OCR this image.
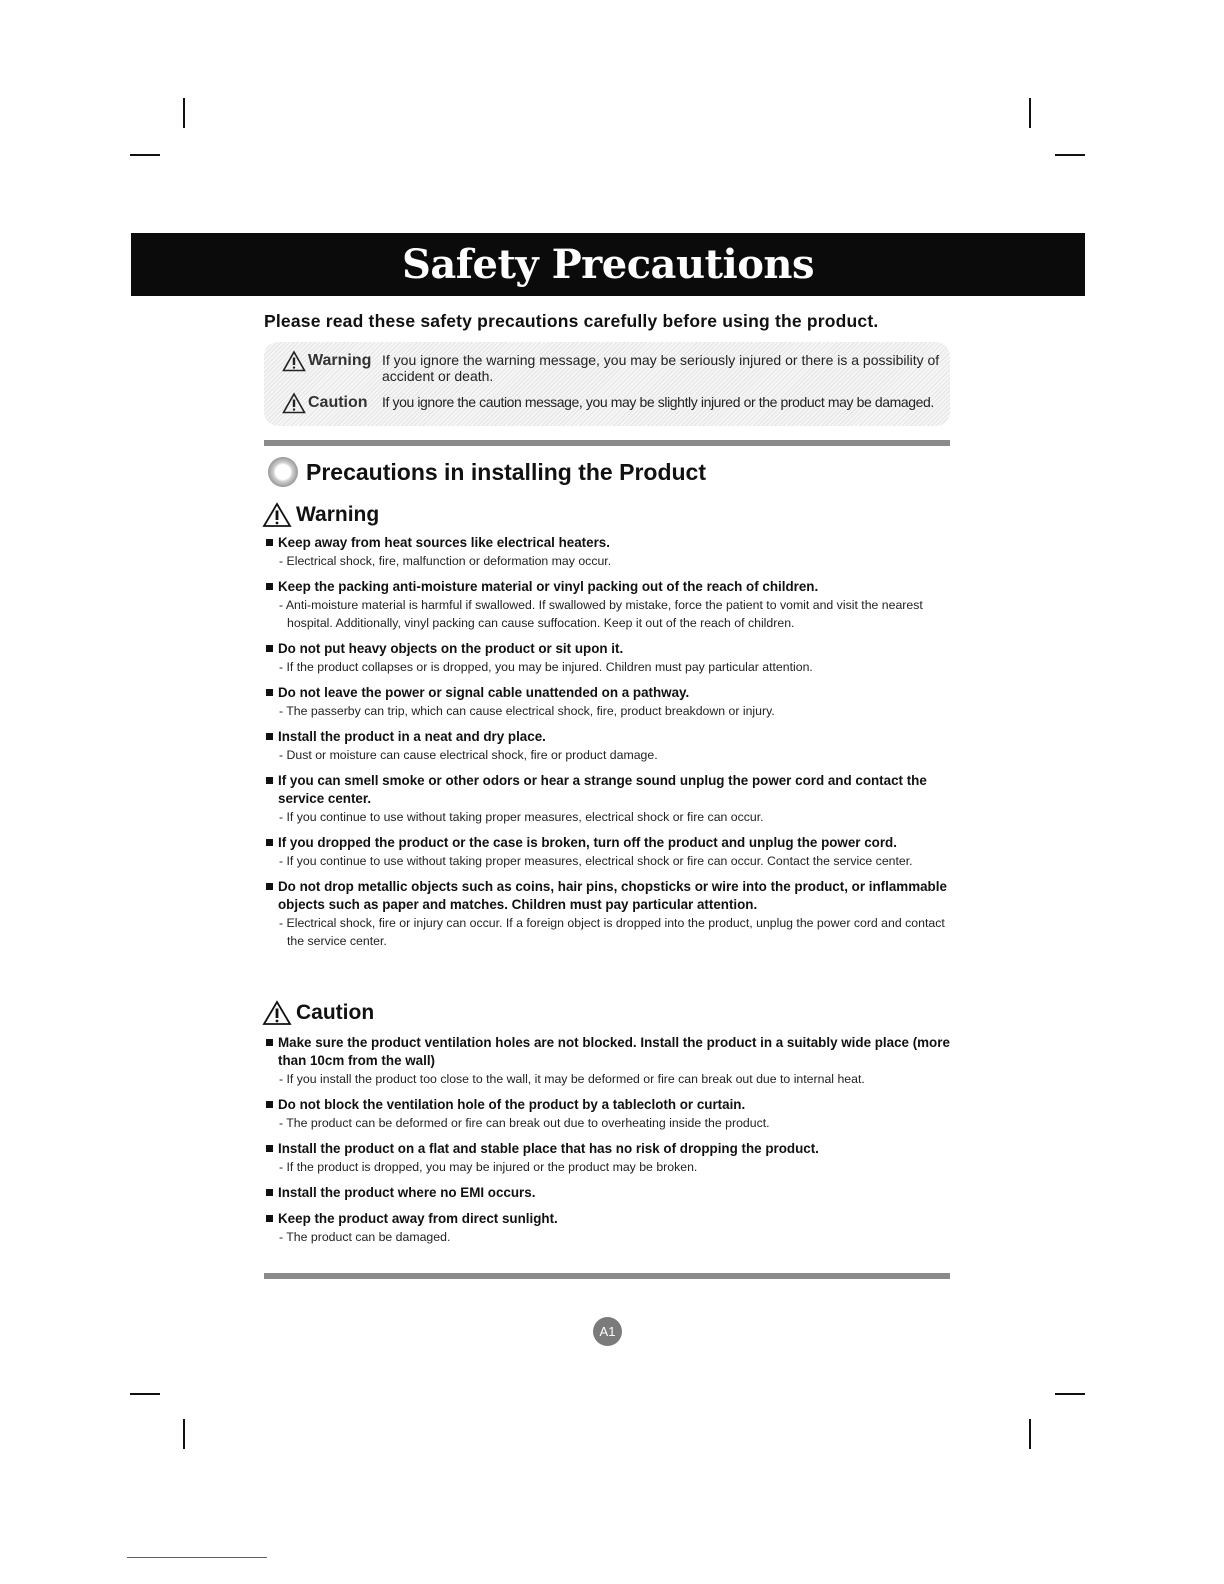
Safety Precautions
Please read these safety precautions carefully before using the product.
Warning If you ignore the warning message, you may be seriously injured or there is a possibility of accident or death.
Caution If you ignore the caution message, you may be slightly injured or the product may be damaged.
Precautions in installing the Product
Warning
Keep away from heat sources like electrical heaters.
- Electrical shock, fire, malfunction or deformation may occur.
Keep the packing anti-moisture material or vinyl packing out of the reach of children.
- Anti-moisture material is harmful if swallowed. If swallowed by mistake, force the patient to vomit and visit the nearest hospital. Additionally, vinyl packing can cause suffocation. Keep it out of the reach of children.
Do not put heavy objects on the product or sit upon it.
- If the product collapses or is dropped, you may be injured. Children must pay particular attention.
Do not leave the power or signal cable unattended on a pathway.
- The passerby can trip, which can cause electrical shock, fire, product breakdown or injury.
Install the product in a neat and dry place.
- Dust or moisture can cause electrical shock, fire or product damage.
If you can smell smoke or other odors or hear a strange sound unplug the power cord and contact the service center.
- If you continue to use without taking proper measures, electrical shock or fire can occur.
If you dropped the product or the case is broken, turn off the product and unplug the power cord.
- If you continue to use without taking proper measures, electrical shock or fire can occur. Contact the service center.
Do not drop metallic objects such as coins, hair pins, chopsticks or wire into the product, or inflammable objects such as paper and matches. Children must pay particular attention.
- Electrical shock, fire or injury can occur. If a foreign object is dropped into the product, unplug the power cord and contact the service center.
Caution
Make sure the product ventilation holes are not blocked. Install the product in a suitably wide place (more than 10cm from the wall)
- If you install the product too close to the wall, it may be deformed or fire can break out due to internal heat.
Do not block the ventilation hole of the product by a tablecloth or curtain.
- The product can be deformed or fire can break out due to overheating inside the product.
Install the product on a flat and stable place that has no risk of dropping the product.
- If the product is dropped, you may be injured or the product may be broken.
Install the product where no EMI occurs.
Keep the product away from direct sunlight.
- The product can be damaged.
A1
